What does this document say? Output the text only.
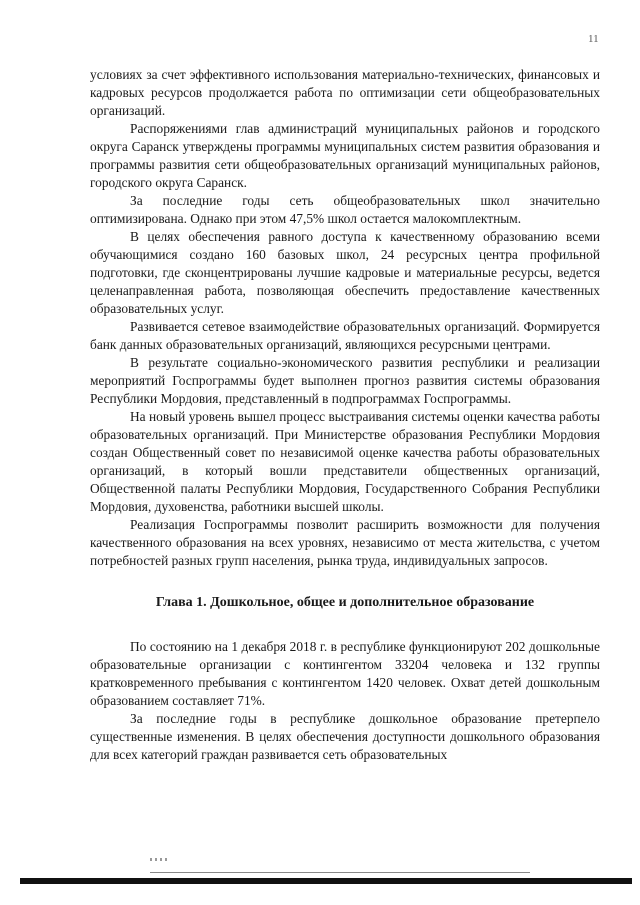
11

условиях за счет эффективного использования материально-технических, финансовых и кадровых ресурсов продолжается работа по оптимизации сети общеобразовательных организаций.

Распоряжениями глав администраций муниципальных районов и городского округа Саранск утверждены программы муниципальных систем развития образования и программы развития сети общеобразовательных организаций муниципальных районов, городского округа Саранск.

За последние годы сеть общеобразовательных школ значительно оптимизирована. Однако при этом 47,5% школ остается малокомплектным.

В целях обеспечения равного доступа к качественному образованию всеми обучающимися создано 160 базовых школ, 24 ресурсных центра профильной подготовки, где сконцентрированы лучшие кадровые и материальные ресурсы, ведется целенаправленная работа, позволяющая обеспечить предоставление качественных образовательных услуг.

Развивается сетевое взаимодействие образовательных организаций. Формируется банк данных образовательных организаций, являющихся ресурсными центрами.

В результате социально-экономического развития республики и реализации мероприятий Госпрограммы будет выполнен прогноз развития системы образования Республики Мордовия, представленный в подпрограммах Госпрограммы.

На новый уровень вышел процесс выстраивания системы оценки качества работы образовательных организаций. При Министерстве образования Республики Мордовия создан Общественный совет по независимой оценке качества работы образовательных организаций, в который вошли представители общественных организаций, Общественной палаты Республики Мордовия, Государственного Собрания Республики Мордовия, духовенства, работники высшей школы.

Реализация Госпрограммы позволит расширить возможности для получения качественного образования на всех уровнях, независимо от места жительства, с учетом потребностей разных групп населения, рынка труда, индивидуальных запросов.

Глава 1. Дошкольное, общее и дополнительное образование

По состоянию на 1 декабря 2018 г. в республике функционируют 202 дошкольные образовательные организации с контингентом 33204 человека и 132 группы кратковременного пребывания с контингентом 1420 человек. Охват детей дошкольным образованием составляет 71%.

За последние годы в республике дошкольное образование претерпело существенные изменения. В целях обеспечения доступности дошкольного образования для всех категорий граждан развивается сеть образовательных
